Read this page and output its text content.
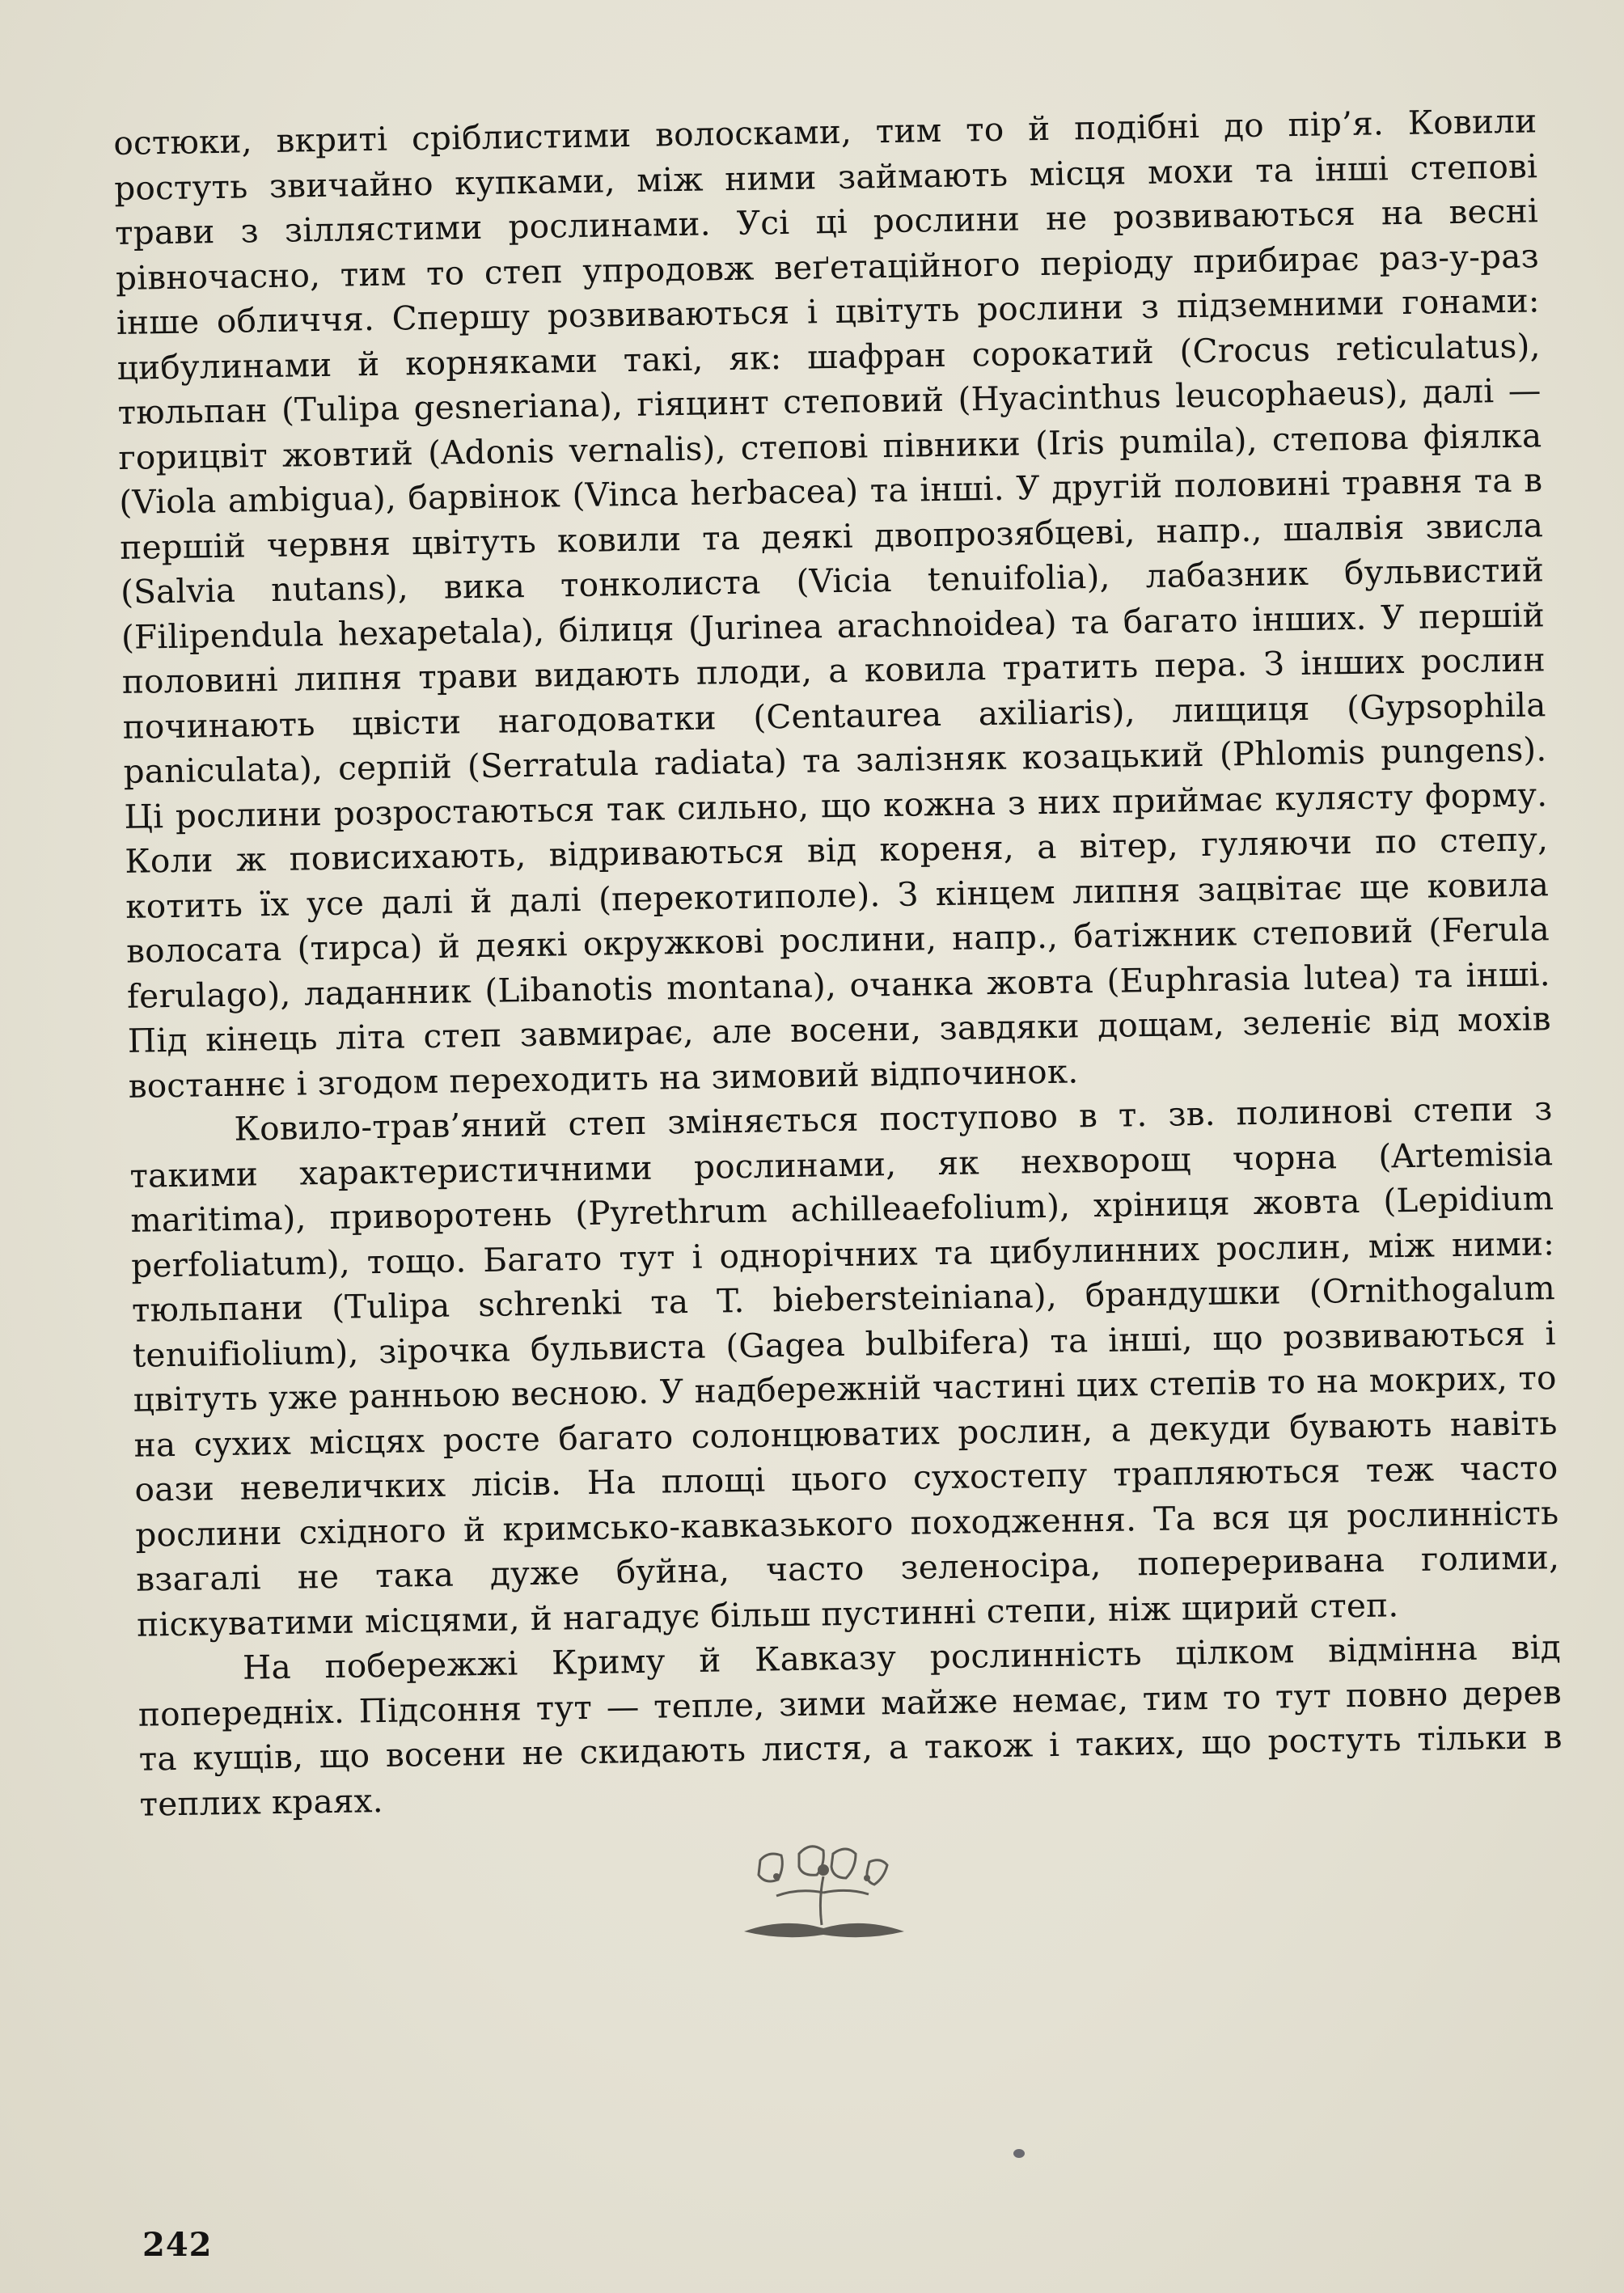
остюки, вкриті сріблистими волосками, тим то й подібні до пір’я. Ковили ростуть звичайно купками, між ними займають місця мохи та інші степові трави з зіллястими рослинами. Усі ці рослини не розвиваються на весні рівночасно, тим то степ упродовж веґетаційного періоду прибирає раз-у-раз інше обличчя. Спершу розвиваються і цвітуть рослини з підземними гонами: цибулинами й корняками такі, як: шафран сорокатий (Crocus reticulatus), тюльпан (Tulipa gesneriana), гіяцинт степовий (Hyacinthus leucophaeus), далі — горицвіт жовтий (Adonis vernalis), степові півники (Iris pumila), степова фіялка (Viola ambigua), барвінок (Vinca herbacea) та інші. У другій половині травня та в першій червня цвітуть ковили та деякі двопрозябцеві, напр., шалвія звисла (Salvia nutans), вика тонколиста (Vicia tenuifolia), лабазник бульвистий (Filipendula hexapetala), білиця (Jurinea arachnoidea) та багато інших. У першій половині липня трави видають плоди, а ковила тратить пера. З інших рослин починають цвісти нагодоватки (Centaurea axiliaris), лищиця (Gypsophila paniculata), серпій (Serratula radiata) та залізняк козацький (Phlomis pungens). Ці рослини розростаються так сильно, що кожна з них приймає кулясту форму. Коли ж повисихають, відриваються від кореня, а вітер, гуляючи по степу, котить їх усе далі й далі (перекотиполе). З кінцем липня зацвітає ще ковила волосата (тирса) й деякі окружкові рослини, напр., батіжник степовий (Ferula ferulago), ладанник (Libanotis montana), очанка жовта (Euphrasia lutea) та інші. Під кінець літа степ завмирає, але восени, завдяки дощам, зеленіє від мохів востаннє і згодом переходить на зимовий відпочинок.

Ковило-трав’яний степ зміняється поступово в т. зв. полинові степи з такими характеристичними рослинами, як нехворощ чорна (Artemisia maritima), приворотень (Pyrethrum achilleaefolium), хріниця жовта (Lepidium perfoliatum), тощо. Багато тут і однорічних та цибулинних рослин, між ними: тюльпани (Tulipa schrenki та T. biebersteiniana), брандушки (Ornithogalum tenuifiolium), зірочка бульвиста (Gagea bulbifera) та інші, що розвиваються і цвітуть уже ранньою весною. У надбережній частині цих степів то на мокрих, то на сухих місцях росте багато солонцюватих рослин, а декуди бувають навіть оази невеличких лісів. На площі цього сухостепу трапляються теж часто рослини східного й кримсько-кавказького походження. Та вся ця рослинність взагалі не така дуже буйна, часто зеленосіра, поперериванa голими, піскуватими місцями, й нагадує більш пустинні степи, ніж щирий степ.

На побережжі Криму й Кавказу рослинність цілком відмінна від попередніх. Підсоння тут — тепле, зими майже немає, тим то тут повно дерев та кущів, що восени не скидають листя, а також і таких, що ростуть тільки в теплих краях.

242
